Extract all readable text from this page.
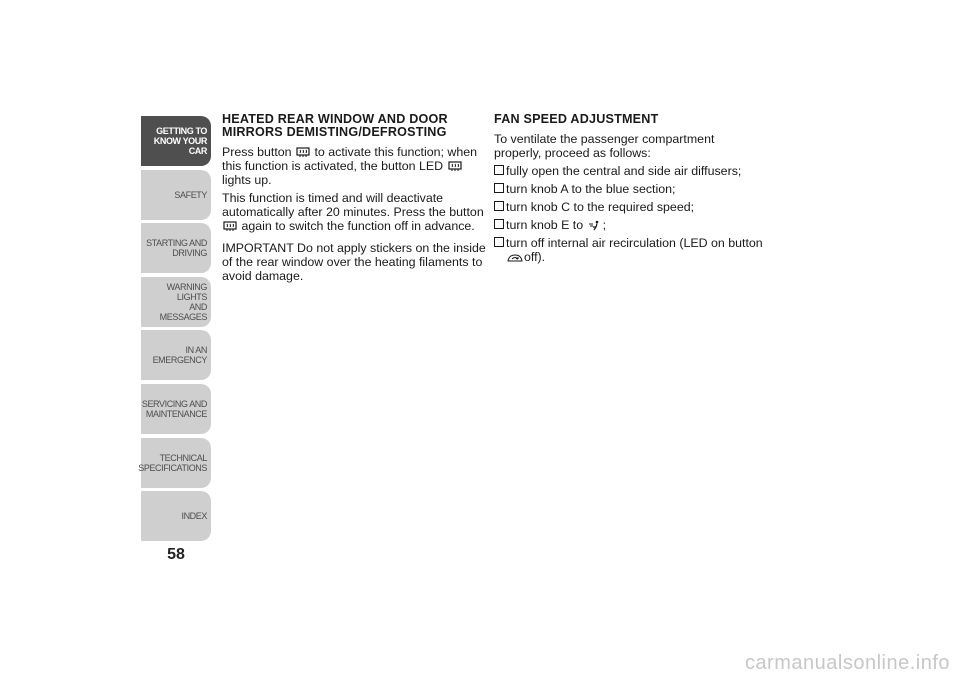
GETTING TO
KNOW YOUR CAR
SAFETY
STARTING AND
DRIVING
WARNING LIGHTS
AND MESSAGES
IN AN EMERGENCY
SERVICING AND
MAINTENANCE
TECHNICAL
SPECIFICATIONS
INDEX
58
HEATED REAR WINDOW AND DOOR MIRRORS DEMISTING/DEFROSTING

Press button to activate this function; when this function is activated, the button LED  lights up.

This function is timed and will deactivate automatically after 20 minutes. Press the button
again to switch the function off in advance.

IMPORTANT Do not apply stickers on the inside of the rear window over the heating filaments to avoid damage.

FAN SPEED ADJUSTMENT

To ventilate the passenger compartment properly, proceed as follows:

fully open the central and side air diffusers;
turn knob A to the blue section;
turn knob C to the required speed;
turn knob E to ;
turn off internal air recirculation (LED on button
off).
carmanualsonline.info
